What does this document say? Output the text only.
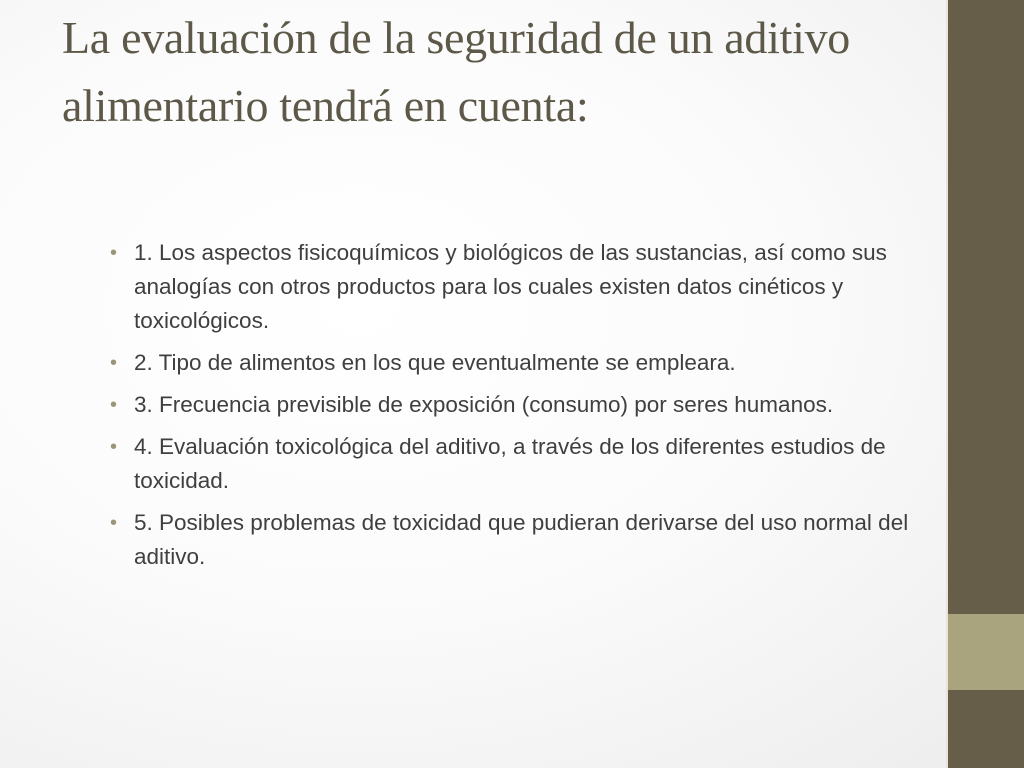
La evaluación de la seguridad de un aditivo alimentario tendrá en cuenta:
• 1. Los aspectos fisicoquímicos y biológicos de las sustancias, así como sus analogías con otros productos para los cuales existen datos cinéticos y toxicológicos.
• 2. Tipo de alimentos en los que eventualmente se empleara.
• 3. Frecuencia previsible de exposición (consumo) por seres humanos.
• 4. Evaluación toxicológica del aditivo, a través de los diferentes estudios de toxicidad.
• 5. Posibles problemas de toxicidad que pudieran derivarse del uso normal del aditivo.
